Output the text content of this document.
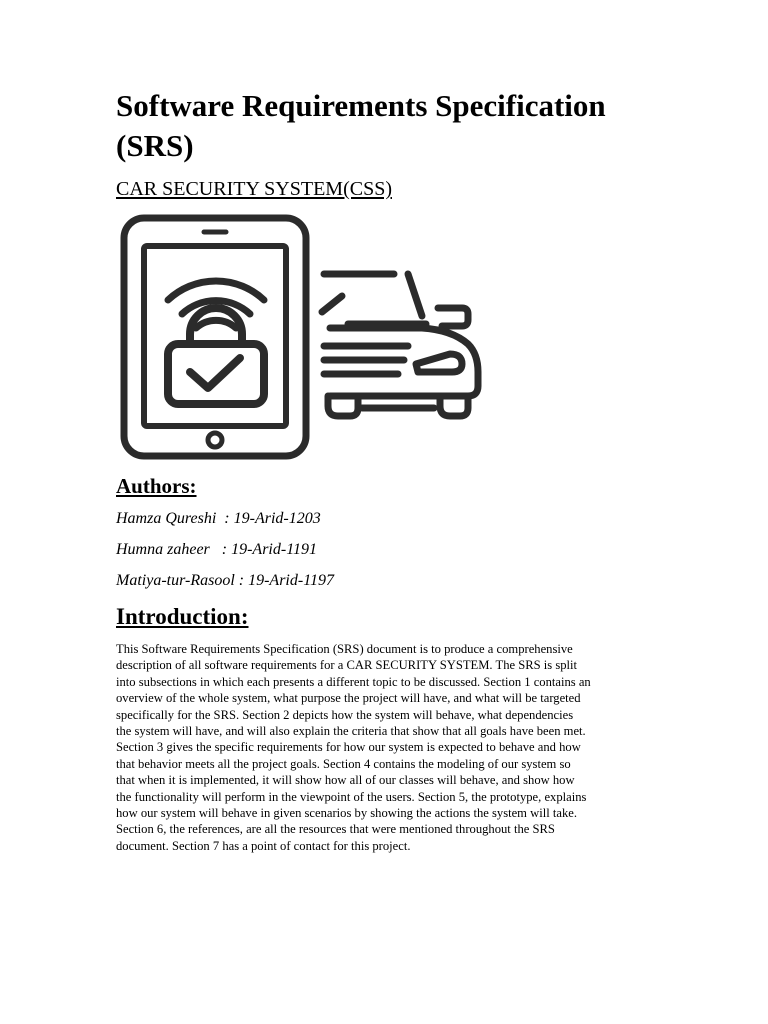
Software Requirements Specification (SRS)
CAR SECURITY SYSTEM(CSS)
Authors:

Hamza Qureshi  : 19-Arid-1203

Humna zaheer   : 19-Arid-1191

Matiya-tur-Rasool : 19-Arid-1197

Introduction:
This Software Requirements Specification (SRS) document is to produce a comprehensive
description of all software requirements for a CAR SECURITY SYSTEM. The SRS is split
into subsections in which each presents a different topic to be discussed. Section 1 contains an
overview of the whole system, what purpose the project will have, and what will be targeted
specifically for the SRS. Section 2 depicts how the system will behave, what dependencies
the system will have, and will also explain the criteria that show that all goals have been met.
Section 3 gives the specific requirements for how our system is expected to behave and how
that behavior meets all the project goals. Section 4 contains the modeling of our system so
that when it is implemented, it will show how all of our classes will behave, and show how
the functionality will perform in the viewpoint of the users. Section 5, the prototype, explains
how our system will behave in given scenarios by showing the actions the system will take.
Section 6, the references, are all the resources that were mentioned throughout the SRS
document. Section 7 has a point of contact for this project.
